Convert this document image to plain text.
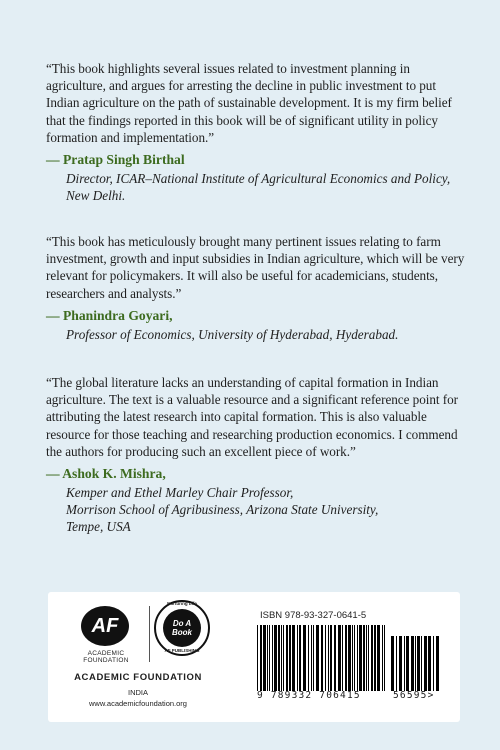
“This book highlights several issues related to investment planning in agriculture, and argues for arresting the decline in public investment to put Indian agriculture on the path of sustainable development. It is my firm belief that the findings reported in this book will be of significant utility in policy formation and implementation.”

— Pratap Singh Birthal

Director, ICAR–National Institute of Agricultural Economics and Policy, New Delhi.

“This book has meticulously brought many pertinent issues relating to farm investment, growth and input subsidies in Indian agriculture, which will be very relevant for policymakers. It will also be useful for academicians, students, researchers and analysts.”

— Phanindra Goyari,

Professor of Economics, University of Hyderabad, Hyderabad.

“The global literature lacks an understanding of capital formation in Indian agriculture. The text is a valuable resource and a significant reference point for attributing the latest research into capital formation. This is also valuable resource for those teaching and researching production economics. I commend the authors for producing such an excellent piece of work.”

— Ashok K. Mishra,

Kemper and Ethel Marley Chair Professor,
Morrison School of Agribusiness, Arizona State University,
Tempe, USA

AF
ACADEMIC FOUNDATION
Nurturing Life
Do A Book
AF PUBLISHING
ACADEMIC FOUNDATION
INDIA
www.academicfoundation.org
ISBN 978-93-327-0641-5
9 789332 706415	56595>
